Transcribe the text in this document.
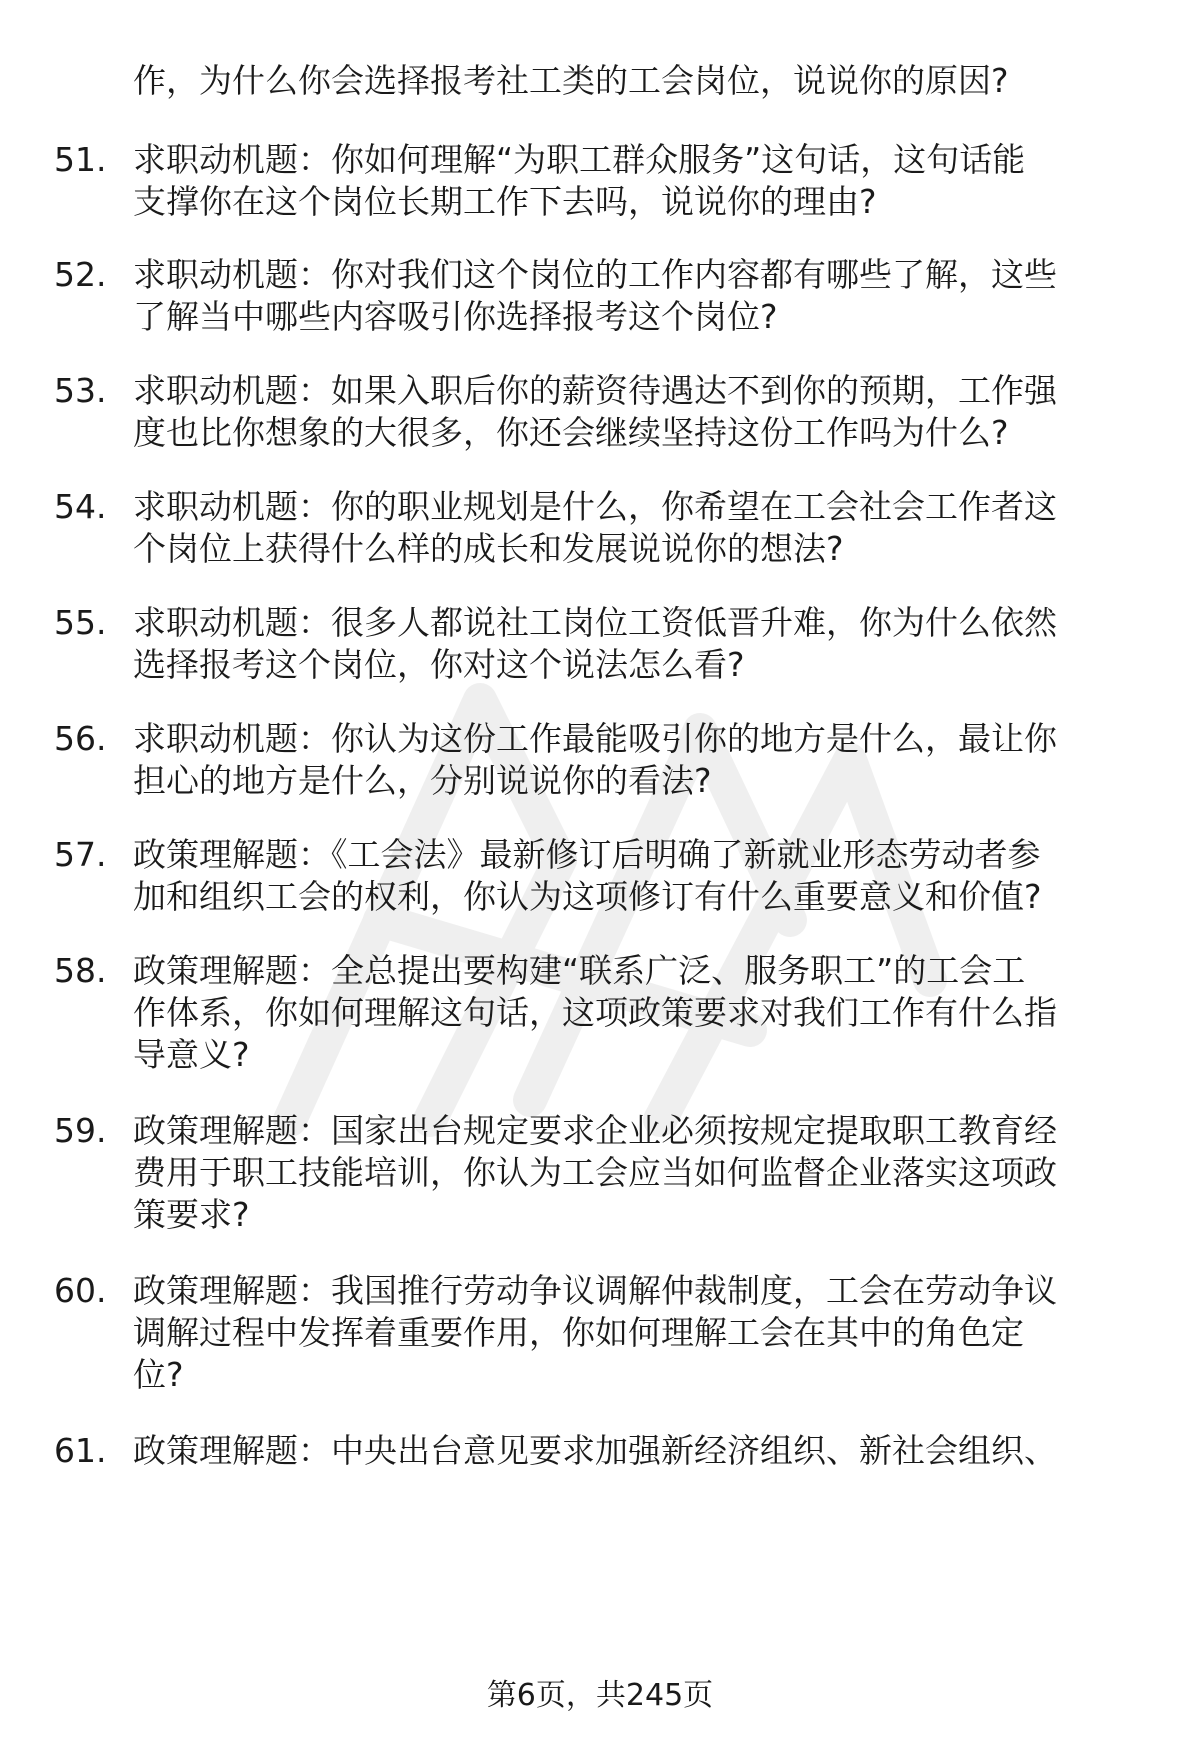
作，为什么你会选择报考社工类的工会岗位，说说你的原因?
51. 求职动机题：你如何理解“为职工群众服务”这句话，这句话能
支撑你在这个岗位长期工作下去吗，说说你的理由?
52. 求职动机题：你对我们这个岗位的工作内容都有哪些了解，这些
了解当中哪些内容吸引你选择报考这个岗位?
53. 求职动机题：如果入职后你的薪资待遇达不到你的预期，工作强
度也比你想象的大很多，你还会继续坚持这份工作吗为什么?
54. 求职动机题：你的职业规划是什么，你希望在工会社会工作者这
个岗位上获得什么样的成长和发展说说你的想法?
55. 求职动机题：很多人都说社工岗位工资低晋升难，你为什么依然
选择报考这个岗位，你对这个说法怎么看?
56. 求职动机题：你认为这份工作最能吸引你的地方是什么，最让你
担心的地方是什么，分别说说你的看法?
57. 政策理解题：《工会法》最新修订后明确了新就业形态劳动者参
加和组织工会的权利，你认为这项修订有什么重要意义和价值?
58. 政策理解题：全总提出要构建“联系广泛、服务职工”的工会工
作体系，你如何理解这句话，这项政策要求对我们工作有什么指
导意义?
59. 政策理解题：国家出台规定要求企业必须按规定提取职工教育经
费用于职工技能培训，你认为工会应当如何监督企业落实这项政
策要求?
60. 政策理解题：我国推行劳动争议调解仲裁制度，工会在劳动争议
调解过程中发挥着重要作用，你如何理解工会在其中的角色定
位?
61. 政策理解题：中央出台意见要求加强新经济组织、新社会组织、
第6页，共245页
